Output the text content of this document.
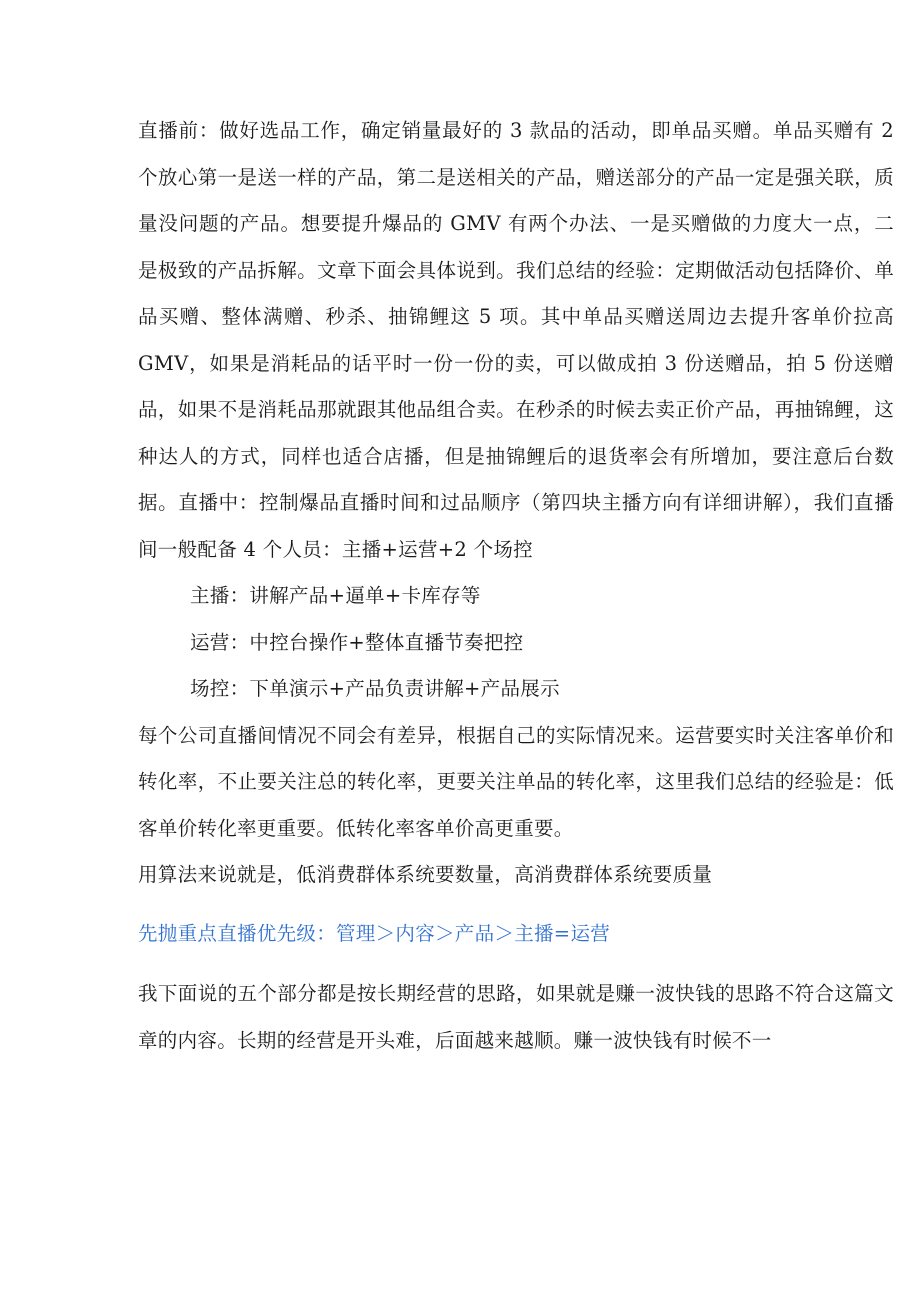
直播前：做好选品工作，确定销量最好的 3 款品的活动，即单品买赠。单品买赠有 2 个放心第一是送一样的产品，第二是送相关的产品，赠送部分的产品一定是强关联，质量没问题的产品。想要提升爆品的 GMV 有两个办法、一是买赠做的力度大一点，二是极致的产品拆解。文章下面会具体说到。我们总结的经验：定期做活动包括降价、单品买赠、整体满赠、秒杀、抽锦鲤这 5 项。其中单品买赠送周边去提升客单价拉高 GMV，如果是消耗品的话平时一份一份的卖，可以做成拍 3 份送赠品，拍 5 份送赠品，如果不是消耗品那就跟其他品组合卖。在秒杀的时候去卖正价产品，再抽锦鲤，这种达人的方式，同样也适合店播，但是抽锦鲤后的退货率会有所增加，要注意后台数据。直播中：控制爆品直播时间和过品顺序（第四块主播方向有详细讲解），我们直播间一般配备 4 个人员：主播+运营+2 个场控

主播：讲解产品+逼单+卡库存等

运营：中控台操作+整体直播节奏把控

场控：下单演示+产品负责讲解+产品展示

每个公司直播间情况不同会有差异，根据自己的实际情况来。运营要实时关注客单价和转化率，不止要关注总的转化率，更要关注单品的转化率，这里我们总结的经验是：低客单价转化率更重要。低转化率客单价高更重要。

用算法来说就是，低消费群体系统要数量，高消费群体系统要质量

先抛重点直播优先级：管理＞内容＞产品＞主播=运营

我下面说的五个部分都是按长期经营的思路，如果就是赚一波快钱的思路不符合这篇文章的内容。长期的经营是开头难，后面越来越顺。赚一波快钱有时候不一
